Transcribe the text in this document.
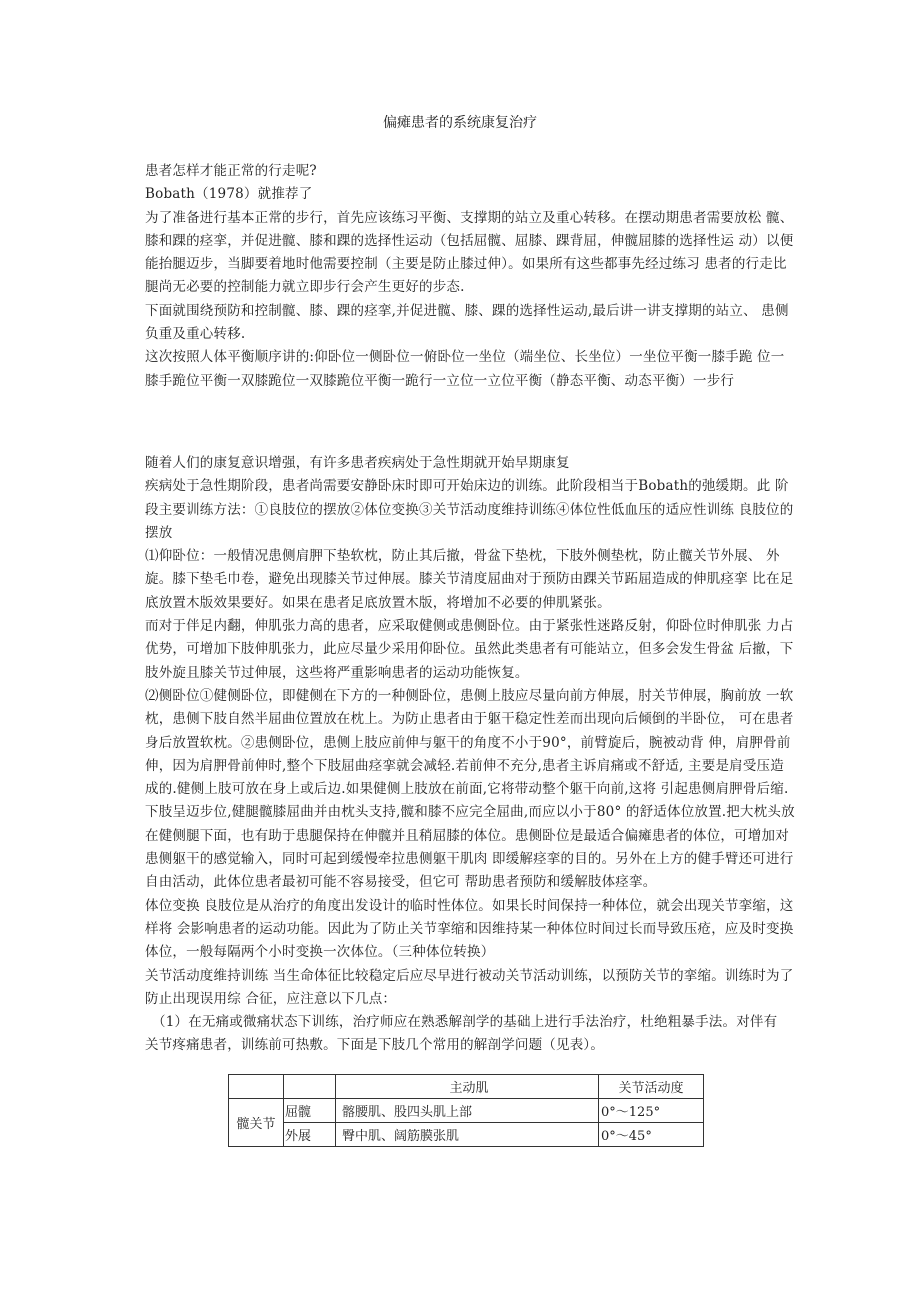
偏瘫患者的系统康复治疗

患者怎样才能正常的行走呢?

Bobath（1978）就推荐了

为了准备进行基本正常的步行，首先应该练习平衡、支撑期的站立及重心转移。在摆动期患者需要放松 髋、膝和踝的痉挛，并促进髋、膝和踝的选择性运动（包括屈髋、屈膝、踝背屈，伸髋屈膝的选择性运 动）以便能抬腿迈步，当脚要着地时他需要控制（主要是防止膝过伸）。如果所有这些都事先经过练习 患者的行走比腿尚无必要的控制能力就立即步行会产生更好的步态.

下面就围绕预防和控制髋、膝、踝的痉挛,并促进髋、膝、踝的选择性运动,最后讲一讲支撑期的站立、 患侧负重及重心转移.

这次按照人体平衡顺序讲的:仰卧位一侧卧位一俯卧位一坐位（端坐位、长坐位）一坐位平衡一膝手跪 位一膝手跪位平衡一双膝跪位一双膝跪位平衡一跪行一立位一立位平衡（静态平衡、动态平衡）一步行

随着人们的康复意识增强，有许多患者疾病处于急性期就开始早期康复

疾病处于急性期阶段，患者尚需要安静卧床时即可开始床边的训练。此阶段相当于Bobath的弛缓期。此 阶段主要训练方法：①良肢位的摆放②体位变换③关节活动度维持训练④体位性低血压的适应性训练 良肢位的摆放

⑴仰卧位：一般情况患侧肩胛下垫软枕，防止其后撤，骨盆下垫枕，下肢外侧垫枕，防止髋关节外展、 外旋。膝下垫毛巾卷，避免出现膝关节过伸展。膝关节清度屈曲对于预防由踝关节跖屈造成的伸肌痉挛 比在足底放置木版效果要好。如果在患者足底放置木版，将增加不必要的伸肌紧张。

而对于伴足内翻，伸肌张力高的患者，应采取健侧或患侧卧位。由于紧张性迷路反射，仰卧位时伸肌张 力占优势，可增加下肢伸肌张力，此应尽量少采用仰卧位。虽然此类患者有可能站立，但多会发生骨盆 后撤，下肢外旋且膝关节过伸展，这些将严重影响患者的运动功能恢复。

⑵侧卧位①健侧卧位，即健侧在下方的一种侧卧位，患侧上肢应尽量向前方伸展，肘关节伸展，胸前放 一软枕，患侧下肢自然半屈曲位置放在枕上。为防止患者由于躯干稳定性差而出现向后倾倒的半卧位， 可在患者身后放置软枕。②患侧卧位，患侧上肢应前伸与躯干的角度不小于90°，前臂旋后，腕被动背 伸，肩胛骨前伸，因为肩胛骨前伸时,整个下肢屈曲痉挛就会减轻.若前伸不充分,患者主诉肩痛或不舒适, 主要是肩受压造成的.健侧上肢可放在身上或后边.如果健侧上肢放在前面,它将带动整个躯干向前,这将 引起患侧肩胛骨后缩.下肢呈迈步位,健腿髋膝屈曲并由枕头支持,髋和膝不应完全屈曲,而应以小于80° 的舒适体位放置.把大枕头放在健侧腿下面，也有助于患腿保持在伸髋并且稍屈膝的体位。患侧卧位是最适合偏瘫患者的体位，可增加对患侧躯干的感觉输入，同时可起到缓慢牵拉患侧躯干肌肉 即缓解痉挛的目的。另外在上方的健手臂还可进行自由活动，此体位患者最初可能不容易接受，但它可 帮助患者预防和缓解肢体痉挛。

体位变换 良肢位是从治疗的角度出发设计的临时性体位。如果长时间保持一种体位，就会出现关节挛缩，这样将 会影响患者的运动功能。因此为了防止关节挛缩和因维持某一种体位时间过长而导致压疮，应及时变换 体位，一般每隔两个小时变换一次体位。（三种体位转换）

关节活动度维持训练 当生命体征比较稳定后应尽早进行被动关节活动训练，以预防关节的挛缩。训练时为了防止出现误用综 合征，应注意以下几点：

（1）在无痛或微痛状态下训练，治疗师应在熟悉解剖学的基础上进行手法治疗，杜绝粗暴手法。对伴有 关节疼痛患者，训练前可热敷。下面是下肢几个常用的解剖学问题（见表）。

		主动肌	关节活动度
髋关节	屈髋	髂腰肌、股四头肌上部	0°～125°
	外展	臀中肌、阔筋膜张肌	0°～45°
